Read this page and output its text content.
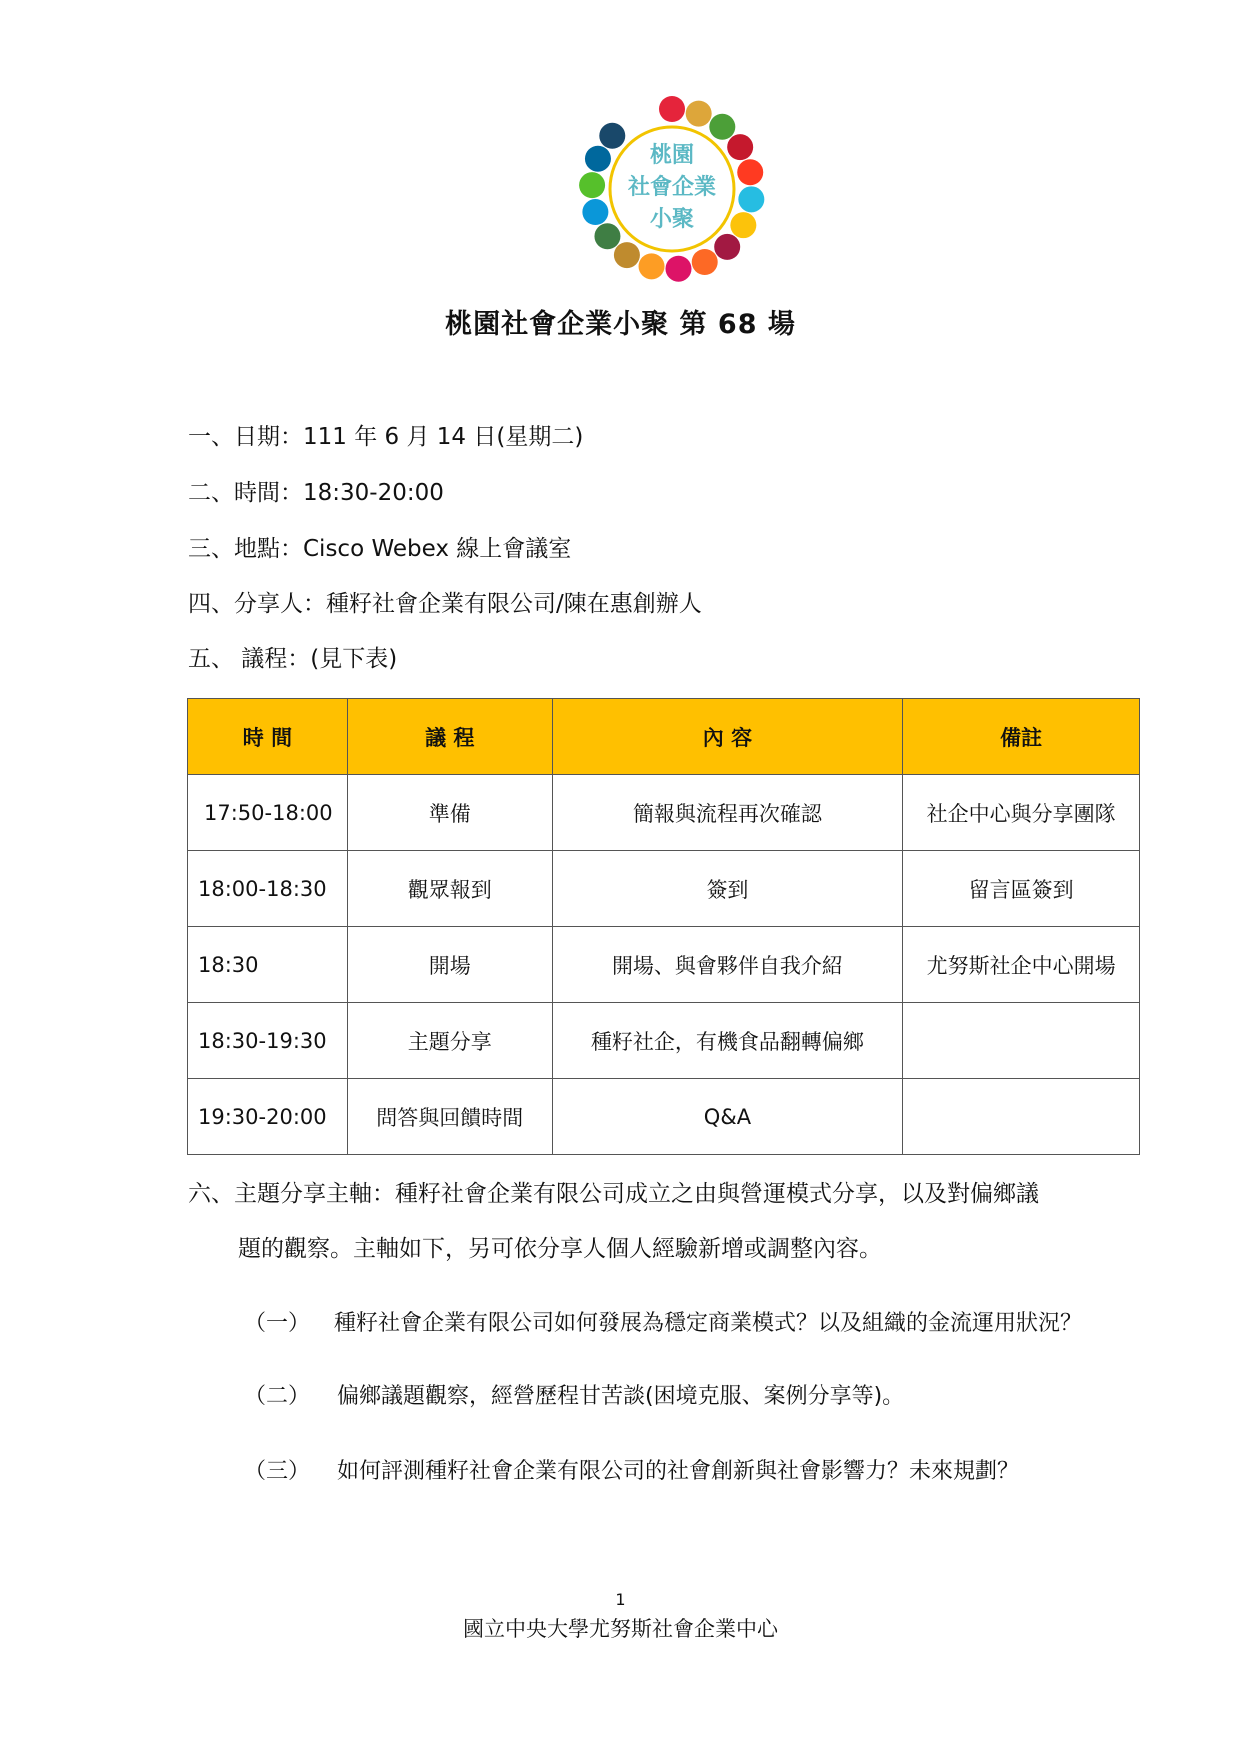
桃園
社會企業
小聚
桃園社會企業小聚 第 68 場
一、日期：111 年 6 月 14 日(星期二)
二、時間：18:30-20:00
三、地點：Cisco Webex 線上會議室
四、分享人：種籽社會企業有限公司/陳在惠創辦人
五、 議程：(見下表)
時 間	議 程	內 容	備註
17:50-18:00	準備	簡報與流程再次確認	社企中心與分享團隊
18:00-18:30	觀眾報到	簽到	留言區簽到
18:30	開場	開場、與會夥伴自我介紹	尤努斯社企中心開場
18:30-19:30	主題分享	種籽社企，有機食品翻轉偏鄉	
19:30-20:00	問答與回饋時間	Q&A	
六、主題分享主軸：種籽社會企業有限公司成立之由與營運模式分享，以及對偏鄉議
題的觀察。主軸如下，另可依分享人個人經驗新增或調整內容。
（一） 種籽社會企業有限公司如何發展為穩定商業模式？以及組織的金流運用狀況？
（二） 偏鄉議題觀察，經營歷程甘苦談(困境克服、案例分享等)。
（三） 如何評測種籽社會企業有限公司的社會創新與社會影響力？未來規劃？
1
國立中央大學尤努斯社會企業中心
